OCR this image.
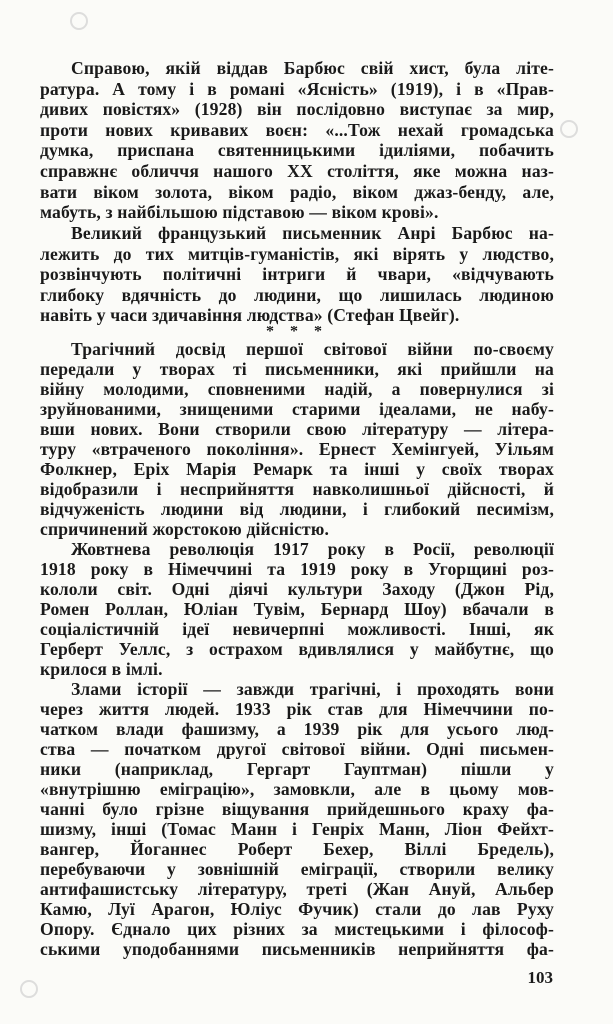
Справою, якій віддав Барбюс свій хист, була літе-
ратура. А тому і в романі «Ясність» (1919), і в «Прав-
дивих повістях» (1928) він послідовно виступає за мир,
проти нових кривавих воєн: «...Тож нехай громадська
думка, приспана святенницькими ідиліями, побачить
справжнє обличчя нашого XX століття, яке можна наз-
вати віком золота, віком радіо, віком джаз-бенду, але,
мабуть, з найбільшою підставою — віком крові».
Великий французький письменник Анрі Барбюс на-
лежить до тих митців-гуманістів, які вірять у людство,
розвінчують політичні інтриги й чвари, «відчувають
глибоку вдячність до людини, що лишилась людиною
навіть у часи здичавіння людства» (Стефан Цвейг).
Трагічний досвід першої світової війни по-своєму
передали у творах ті письменники, які прийшли на
війну молодими, сповненими надій, а повернулися зі
зруйнованими, знищеними старими ідеалами, не набу-
вши нових. Вони створили свою літературу — літера-
туру «втраченого покоління». Ернест Хемінгуей, Уільям
Фолкнер, Еріх Марія Ремарк та інші у своїх творах
відобразили і несприйняття навколишньої дійсності, й
відчуженість людини від людини, і глибокий песимізм,
спричинений жорстокою дійсністю.
Жовтнева революція 1917 року в Росії, революції
1918 року в Німеччині та 1919 року в Угорщині роз-
кололи світ. Одні діячі культури Заходу (Джон Рід,
Ромен Роллан, Юліан Тувім, Бернард Шоу) вбачали в
соціалістичній ідеї невичерпні можливості. Інші, як
Герберт Уеллс, з острахом вдивлялися у майбутнє, що
крилося в імлі.
Злами історії — завжди трагічні, і проходять вони
через життя людей. 1933 рік став для Німеччини по-
чатком влади фашизму, а 1939 рік для усього люд-
ства — початком другої світової війни. Одні письмен-
ники (наприклад, Гергарт Гауптман) пішли у
«внутрішню еміграцію», замовкли, але в цьому мов-
чанні було грізне віщування прийдешнього краху фа-
шизму, інші (Томас Манн і Генріх Манн, Ліон Фейхт-
вангер, Йоганнес Роберт Бехер, Віллі Бредель),
перебуваючи у зовнішній еміграції, створили велику
антифашистську літературу, треті (Жан Ануй, Альбер
Камю, Луї Арагон, Юліус Фучик) стали до лав Руху
Опору. Єднало цих різних за мистецькими і філософ-
ськими уподобаннями письменників неприйняття фа-
* * *
103
